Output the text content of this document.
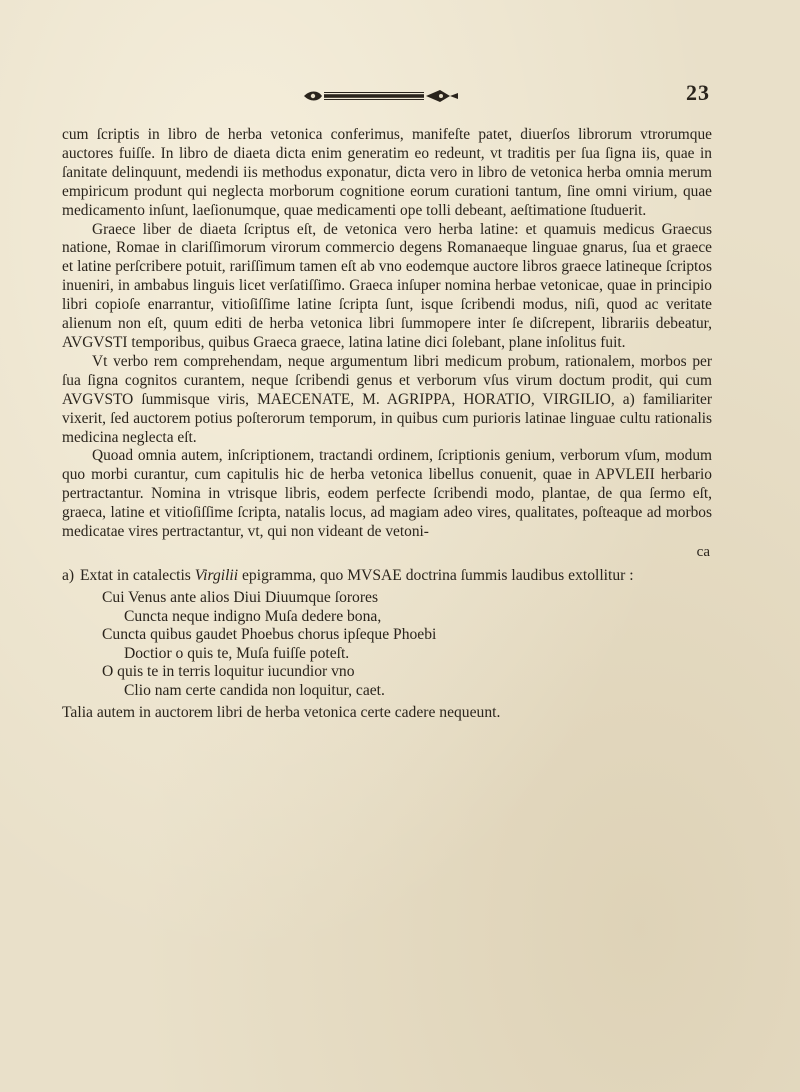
23

cum ſcriptis in libro de herba vetonica conferimus, manifeſte patet, diuerſos librorum vtrorumque auctores fuiſſe. In libro de diaeta dicta enim generatim eo redeunt, vt traditis per ſua ſigna iis, quae in ſanitate delinquunt, medendi iis methodus exponatur, dicta vero in libro de vetonica herba omnia merum empiricum produnt qui neglecta morborum cognitione eorum curationi tantum, ſine omni virium, quae medicamento inſunt, laeſionumque, quae medicamenti ope tolli debeant, aeſtimatione ſtuduerit.

Graece liber de diaeta ſcriptus eſt, de vetonica vero herba latine: et quamuis medicus Graecus natione, Romae in clariſſimorum virorum commercio degens Romanaeque linguae gnarus, ſua et graece et latine perſcribere potuit, rariſſimum tamen eſt ab vno eodemque auctore libros graece latineque ſcriptos inueniri, in ambabus linguis licet verſatiſſimo. Graeca inſuper nomina herbae vetonicae, quae in principio libri copioſe enarrantur, vitioſiſſime latine ſcripta ſunt, isque ſcribendi modus, niſi, quod ac veritate alienum non eſt, quum editi de herba vetonica libri ſummopere inter ſe diſcrepent, librariis debeatur, AVGVSTI temporibus, quibus Graeca graece, latina latine dici ſolebant, plane inſolitus fuit.

Vt verbo rem comprehendam, neque argumentum libri medicum probum, rationalem, morbos per ſua ſigna cognitos curantem, neque ſcribendi genus et verborum vſus virum doctum prodit, qui cum AVGVSTO ſummisque viris, MAECENATE, M. AGRIPPA, HORATIO, VIRGILIO, a) familiariter vixerit, ſed auctorem potius poſterorum temporum, in quibus cum purioris latinae linguae cultu rationalis medicina neglecta eſt.

Quoad omnia autem, inſcriptionem, tractandi ordinem, ſcriptionis genium, verborum vſum, modum quo morbi curantur, cum capitulis hic de herba vetonica libellus conuenit, quae in APVLEII herbario pertractantur. Nomina in vtrisque libris, eodem perfecte ſcribendi modo, plantae, de qua ſermo eſt, graeca, latine et vitioſiſſime ſcripta, natalis locus, ad magiam adeo vires, qualitates, poſteaque ad morbos medicatae vires pertractantur, vt, qui non videant de vetoni-

ca
a) Extat in catalectis Virgilii epigramma, quo MVSAE doctrina ſummis laudibus extollitur :
Cui Venus ante alios Diui Diuumque ſorores
Cuncta neque indigno Muſa dedere bona,
Cuncta quibus gaudet Phoebus chorus ipſeque Phoebi
Doctior o quis te, Muſa fuiſſe poteſt.
O quis te in terris loquitur iucundior vno
Clio nam certe candida non loquitur, caet.
Talia autem in auctorem libri de herba vetonica certe cadere nequeunt.
